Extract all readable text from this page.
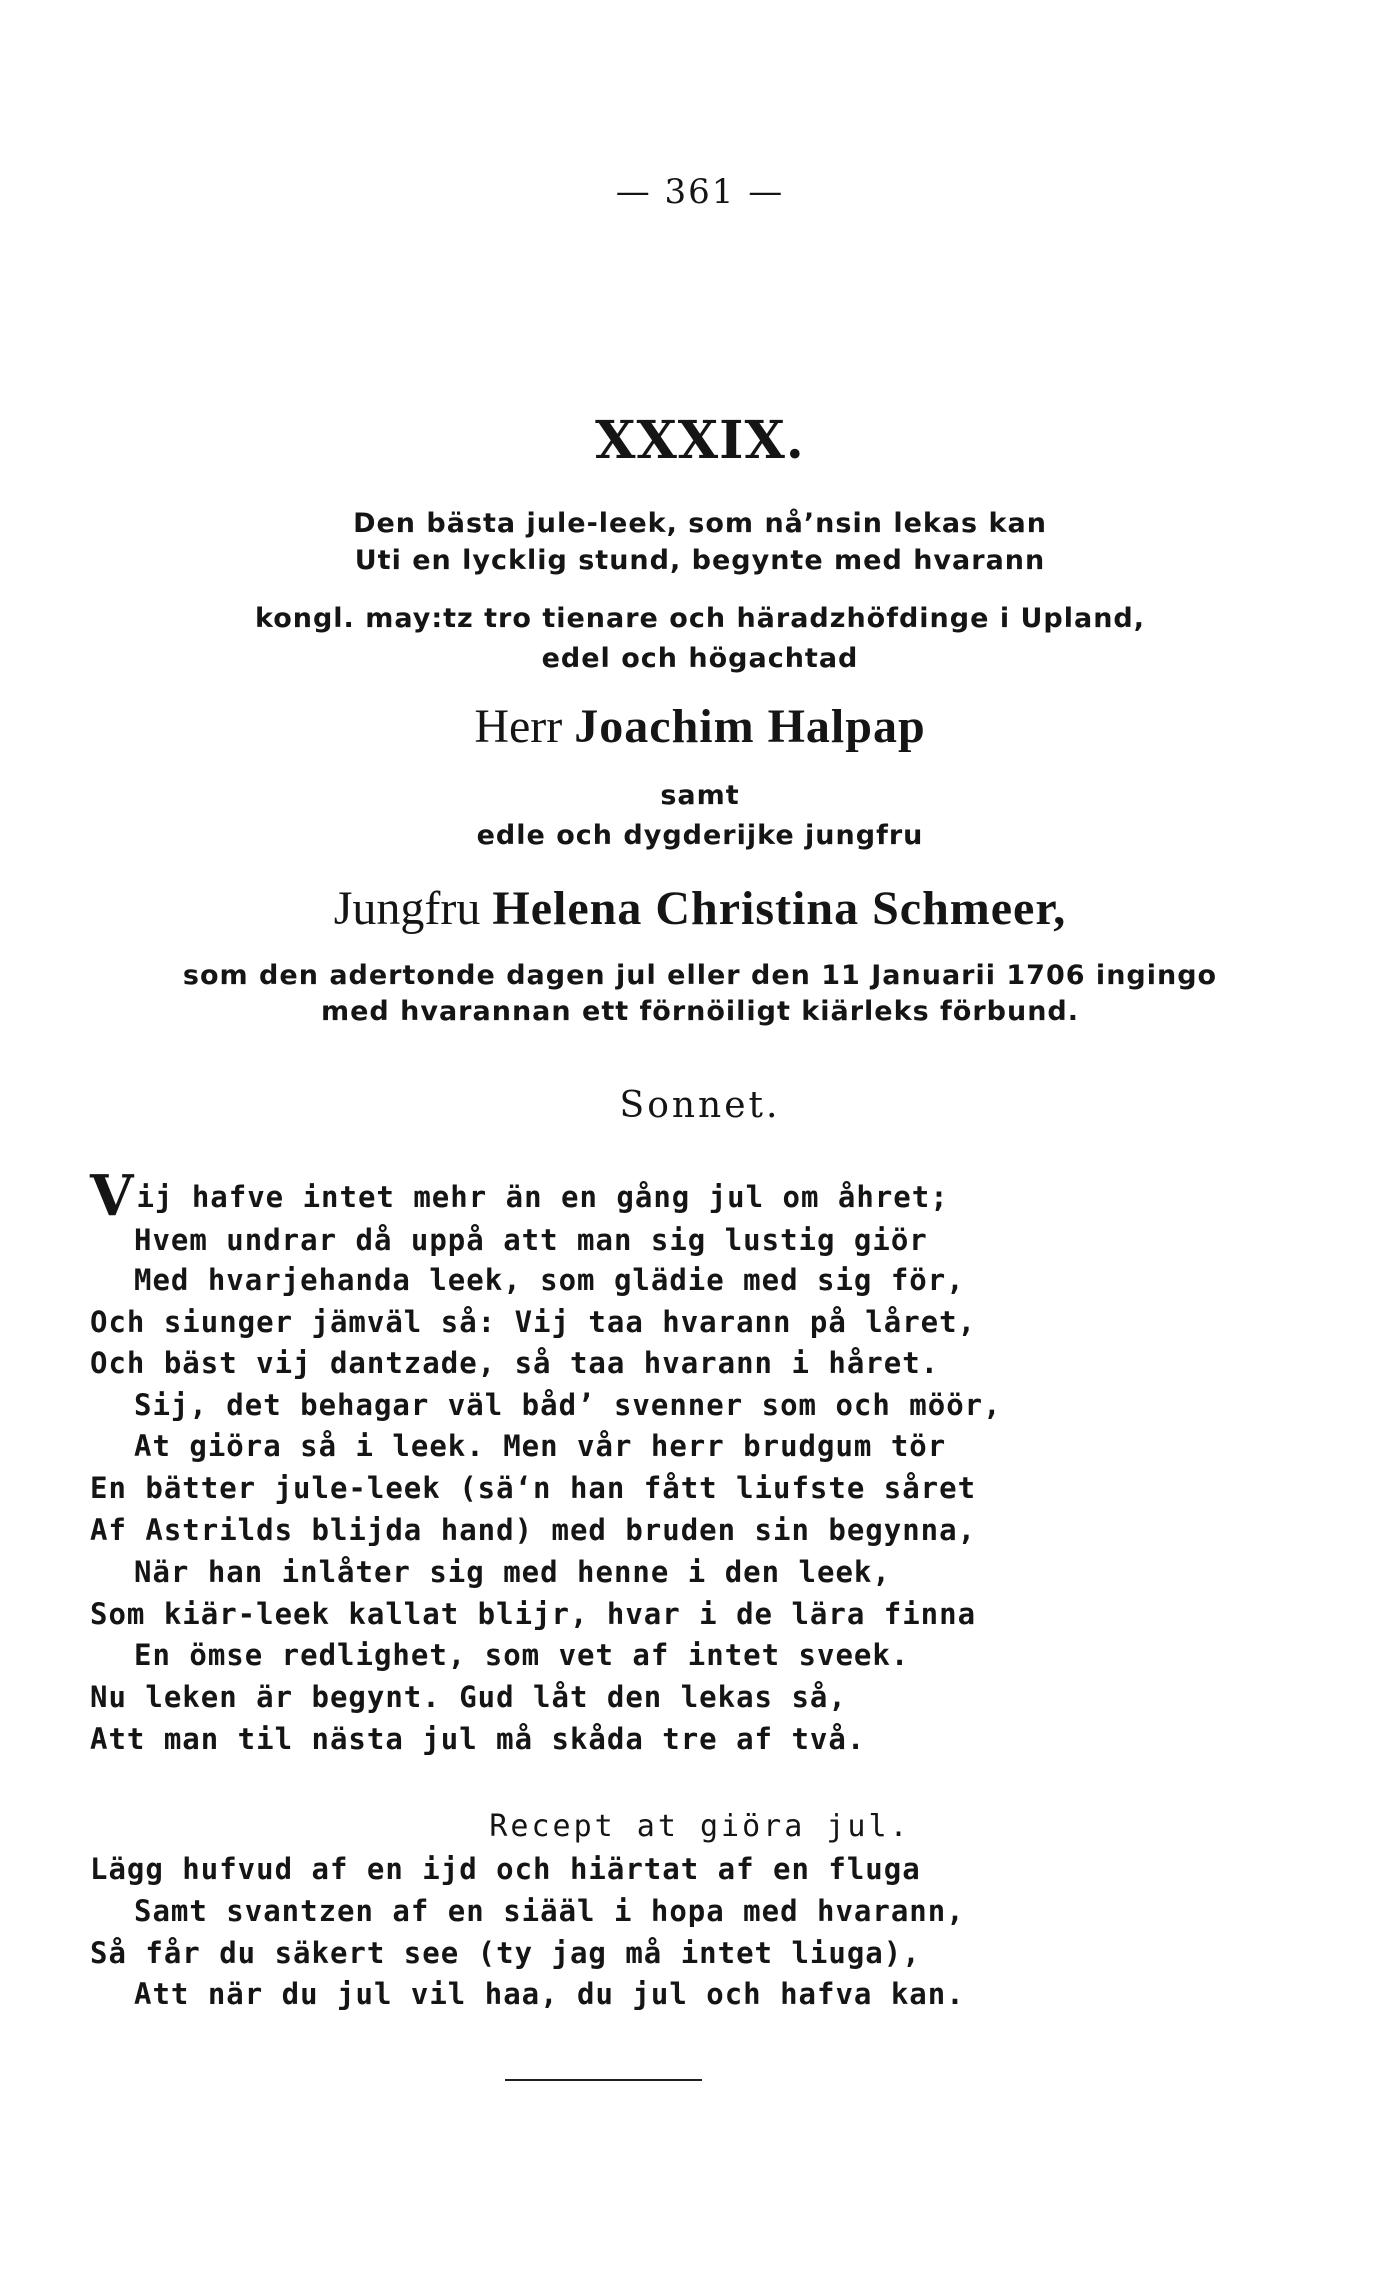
— 361 —
XXXIX.
Den bästa jule-leek, som nå’nsin lekas kan
Uti en lycklig stund, begynte med hvarann
kongl. may:tz tro tienare och häradzhöfdinge i Upland,
edel och högachtad
Herr Joachim Halpap
samt
edle och dygderijke jungfru
Jungfru Helena Christina Schmeer,
som den adertonde dagen jul eller den 11 Januarii 1706 ingingo
med hvarannan ett förnöiligt kiärleks förbund.
Sonnet.
Vij hafve intet mehr än en gång jul om åhret;
Hvem undrar då uppå att man sig lustig giör
Med hvarjehanda leek, som glädie med sig för,
Och siunger jämväl så: Vij taa hvarann på låret,
Och bäst vij dantzade, så taa hvarann i håret.
Sij, det behagar väl båd’ svenner som och möör,
At giöra så i leek. Men vår herr brudgum tör
En bätter jule-leek (sä‘n han fått liufste såret
Af Astrilds blijda hand) med bruden sin begynna,
När han inlåter sig med henne i den leek,
Som kiär-leek kallat blijr, hvar i de lära finna
En ömse redlighet, som vet af intet sveek.
Nu leken är begynt. Gud låt den lekas så,
Att man til nästa jul må skåda tre af två.
Recept at giöra jul.
Lägg hufvud af en ijd och hiärtat af en fluga
Samt svantzen af en siääl i hopa med hvarann,
Så får du säkert see (ty jag må intet liuga),
Att när du jul vil haa, du jul och hafva kan.
